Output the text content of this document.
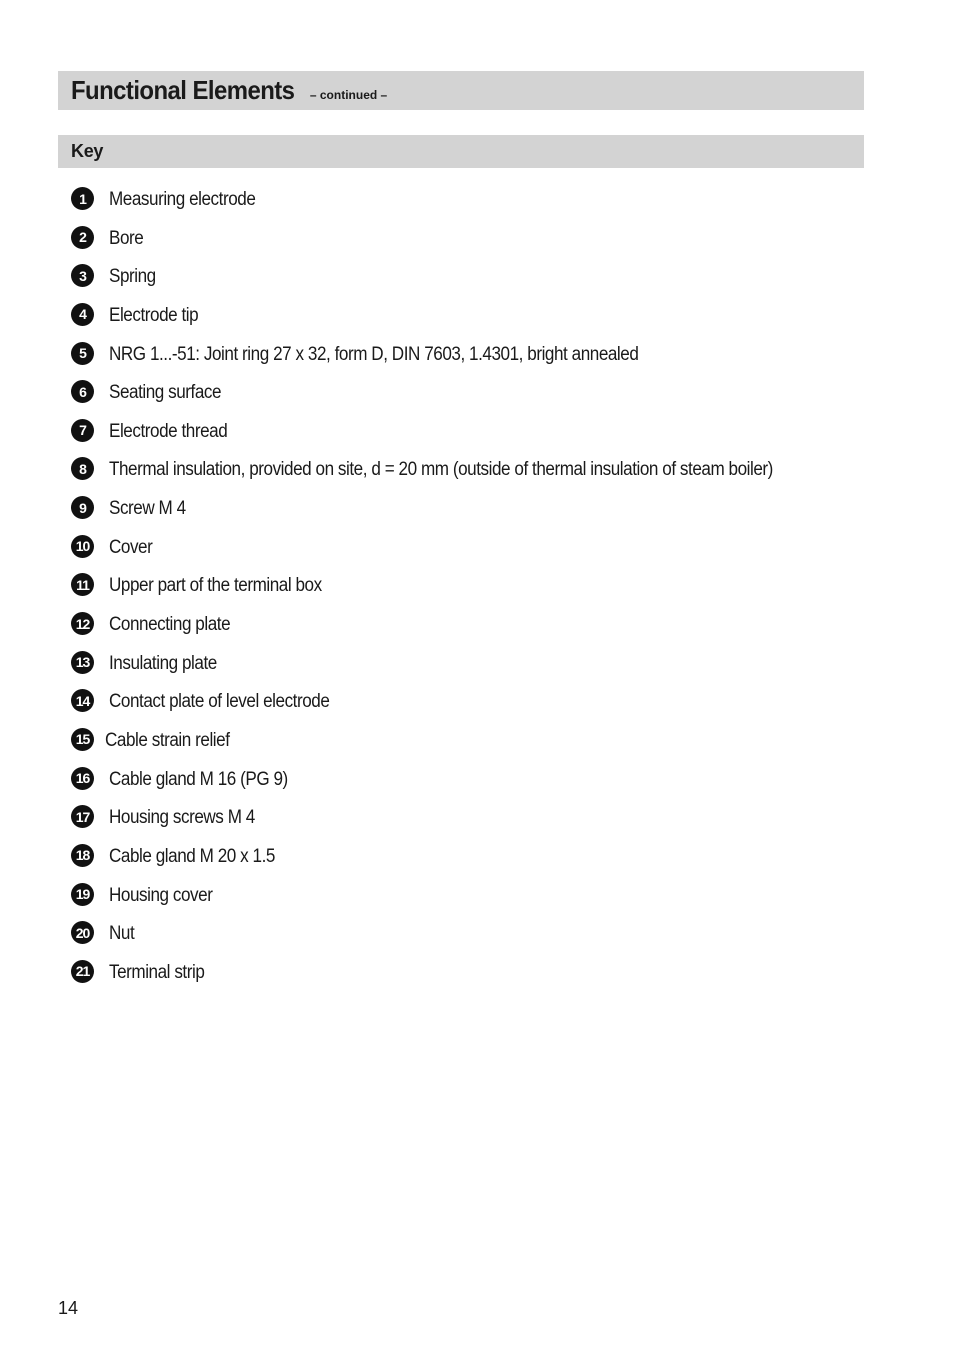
Functional Elements – continued –
Key
1	Measuring electrode
2	Bore
3	Spring
4	Electrode tip
5	NRG 1...-51: Joint ring 27 x 32, form D, DIN 7603, 1.4301, bright annealed
6	Seating surface
7	Electrode thread
8	Thermal insulation, provided on site, d = 20 mm (outside of thermal insulation of steam boiler)
9	Screw M 4
10 Cover
11 Upper part of the terminal box
12 Connecting plate
13 Insulating plate
14 Contact plate of level electrode
15 Cable strain relief
16 Cable gland M 16 (PG 9)
17 Housing screws M 4
18 Cable gland M 20 x 1.5
19 Housing cover
20 Nut
21 Terminal strip
14
